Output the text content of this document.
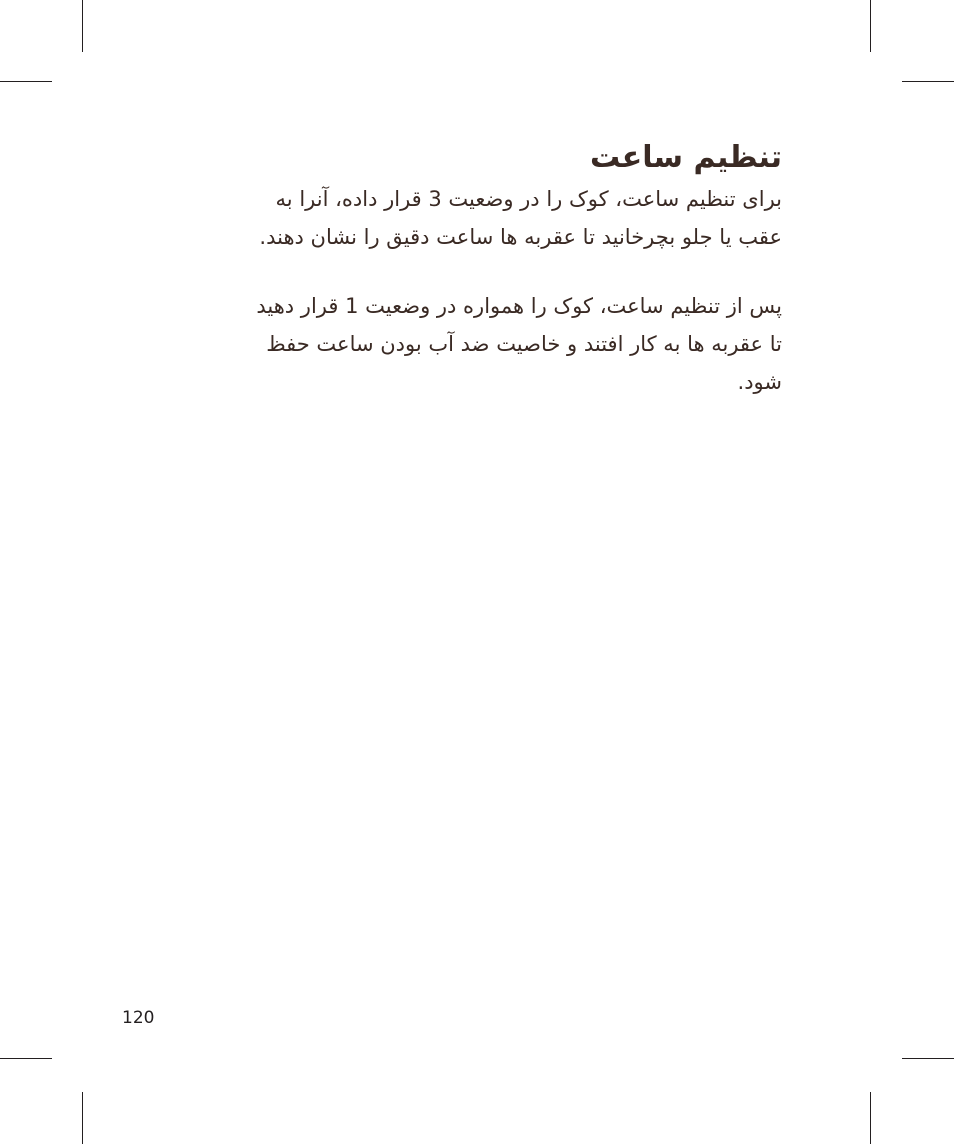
تنظیم ساعت

برای تنظیم ساعت، کوک را در وضعیت 3 قرار داده، آنرا به
عقب یا جلو بچرخانید تا عقربه ها ساعت دقیق را نشان دهند.

پس از تنظیم ساعت، کوک را همواره در وضعیت 1 قرار دهید
تا عقربه ها به کار افتند و خاصیت ضد آب بودن ساعت حفظ
شود.

120
